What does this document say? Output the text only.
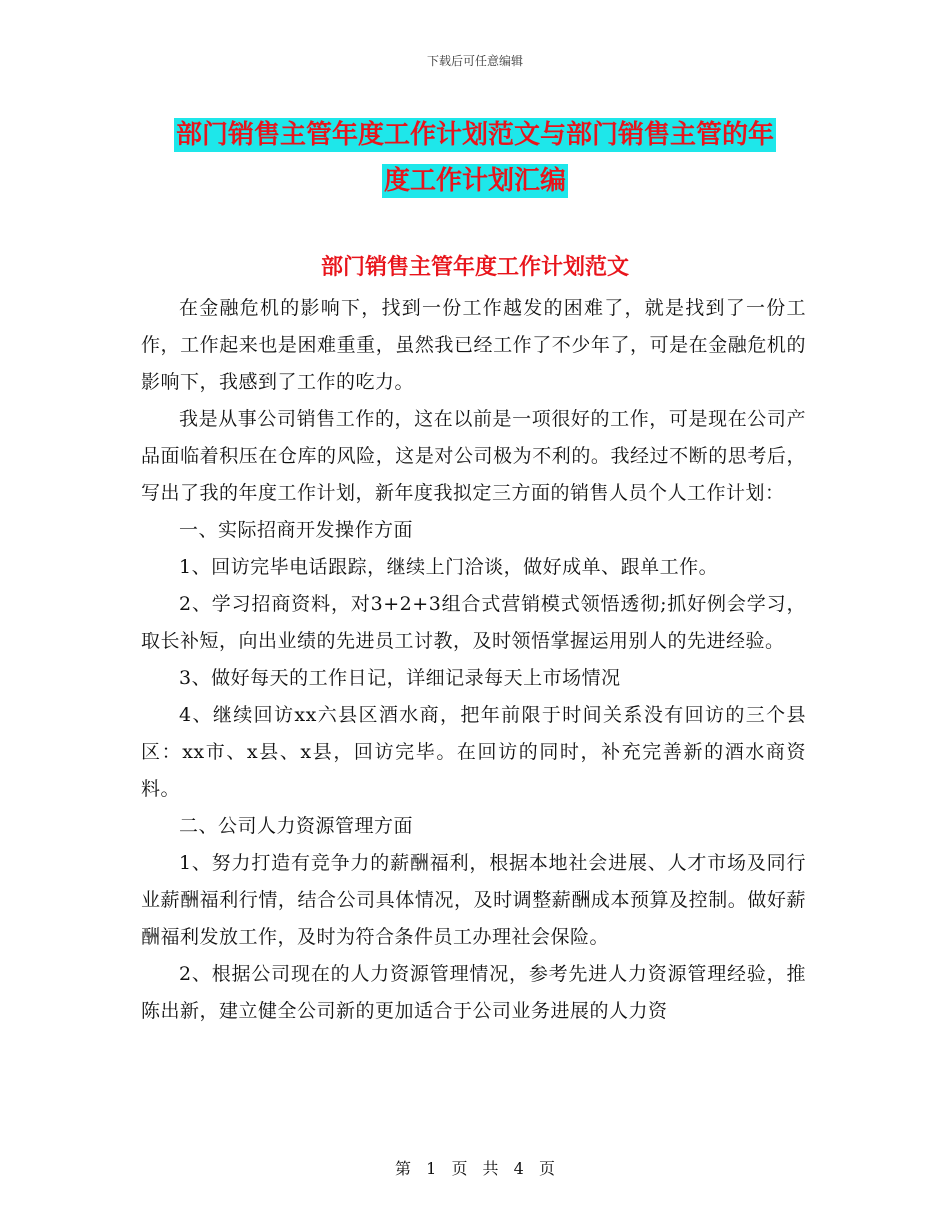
下载后可任意编辑
部门销售主管年度工作计划范文与部门销售主管的年
度工作计划汇编
部门销售主管年度工作计划范文

在金融危机的影响下，找到一份工作越发的困难了，就是找到了一份工作，工作起来也是困难重重，虽然我已经工作了不少年了，可是在金融危机的影响下，我感到了工作的吃力。

我是从事公司销售工作的，这在以前是一项很好的工作，可是现在公司产品面临着积压在仓库的风险，这是对公司极为不利的。我经过不断的思考后，写出了我的年度工作计划，新年度我拟定三方面的销售人员个人工作计划：

一、实际招商开发操作方面

1、回访完毕电话跟踪，继续上门洽谈，做好成单、跟单工作。

2、学习招商资料，对3+2+3组合式营销模式领悟透彻;抓好例会学习，取长补短，向出业绩的先进员工讨教，及时领悟掌握运用别人的先进经验。

3、做好每天的工作日记，详细记录每天上市场情况

4、继续回访xx六县区酒水商，把年前限于时间关系没有回访的三个县区：xx市、x县、x县，回访完毕。在回访的同时，补充完善新的酒水商资料。

二、公司人力资源管理方面

1、努力打造有竞争力的薪酬福利，根据本地社会进展、人才市场及同行业薪酬福利行情，结合公司具体情况，及时调整薪酬成本预算及控制。做好薪酬福利发放工作，及时为符合条件员工办理社会保险。

2、根据公司现在的人力资源管理情况，参考先进人力资源管理经验，推陈出新，建立健全公司新的更加适合于公司业务进展的人力资

第 1 页 共 4 页
